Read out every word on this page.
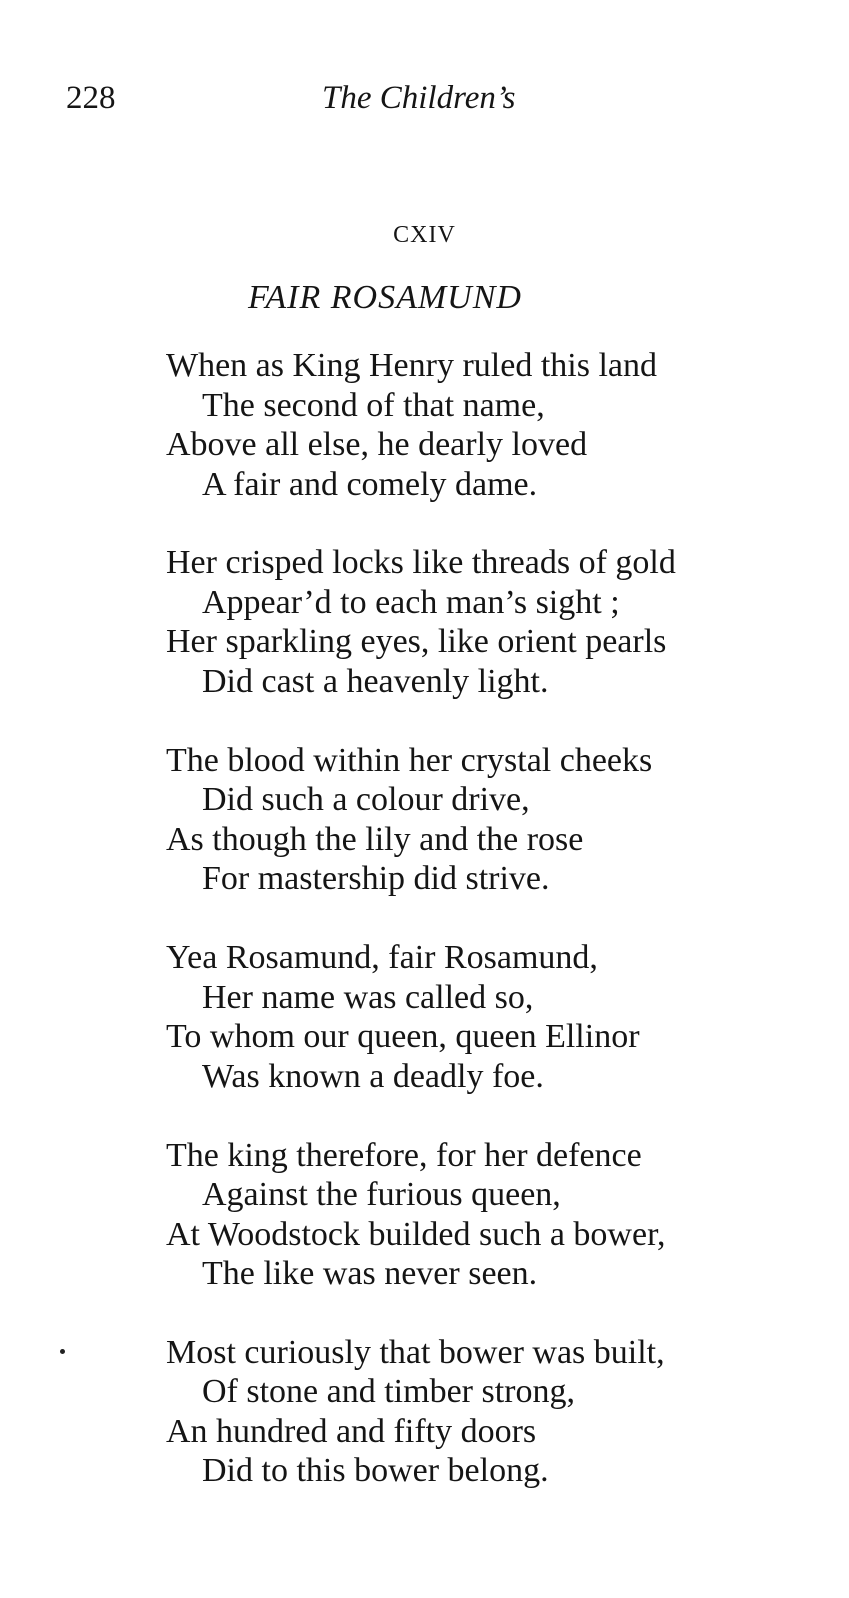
228	The Children’s
CXIV
FAIR ROSAMUND
When as King Henry ruled this land
The second of that name,
Above all else, he dearly loved
A fair and comely dame.
Her crisped locks like threads of gold
Appear’d to each man’s sight ;
Her sparkling eyes, like orient pearls
Did cast a heavenly light.
The blood within her crystal cheeks
Did such a colour drive,
As though the lily and the rose
For mastership did strive.
Yea Rosamund, fair Rosamund,
Her name was called so,
To whom our queen, queen Ellinor
Was known a deadly foe.
The king therefore, for her defence
Against the furious queen,
At Woodstock builded such a bower,
The like was never seen.
Most curiously that bower was built,
Of stone and timber strong,
An hundred and fifty doors
Did to this bower belong.
